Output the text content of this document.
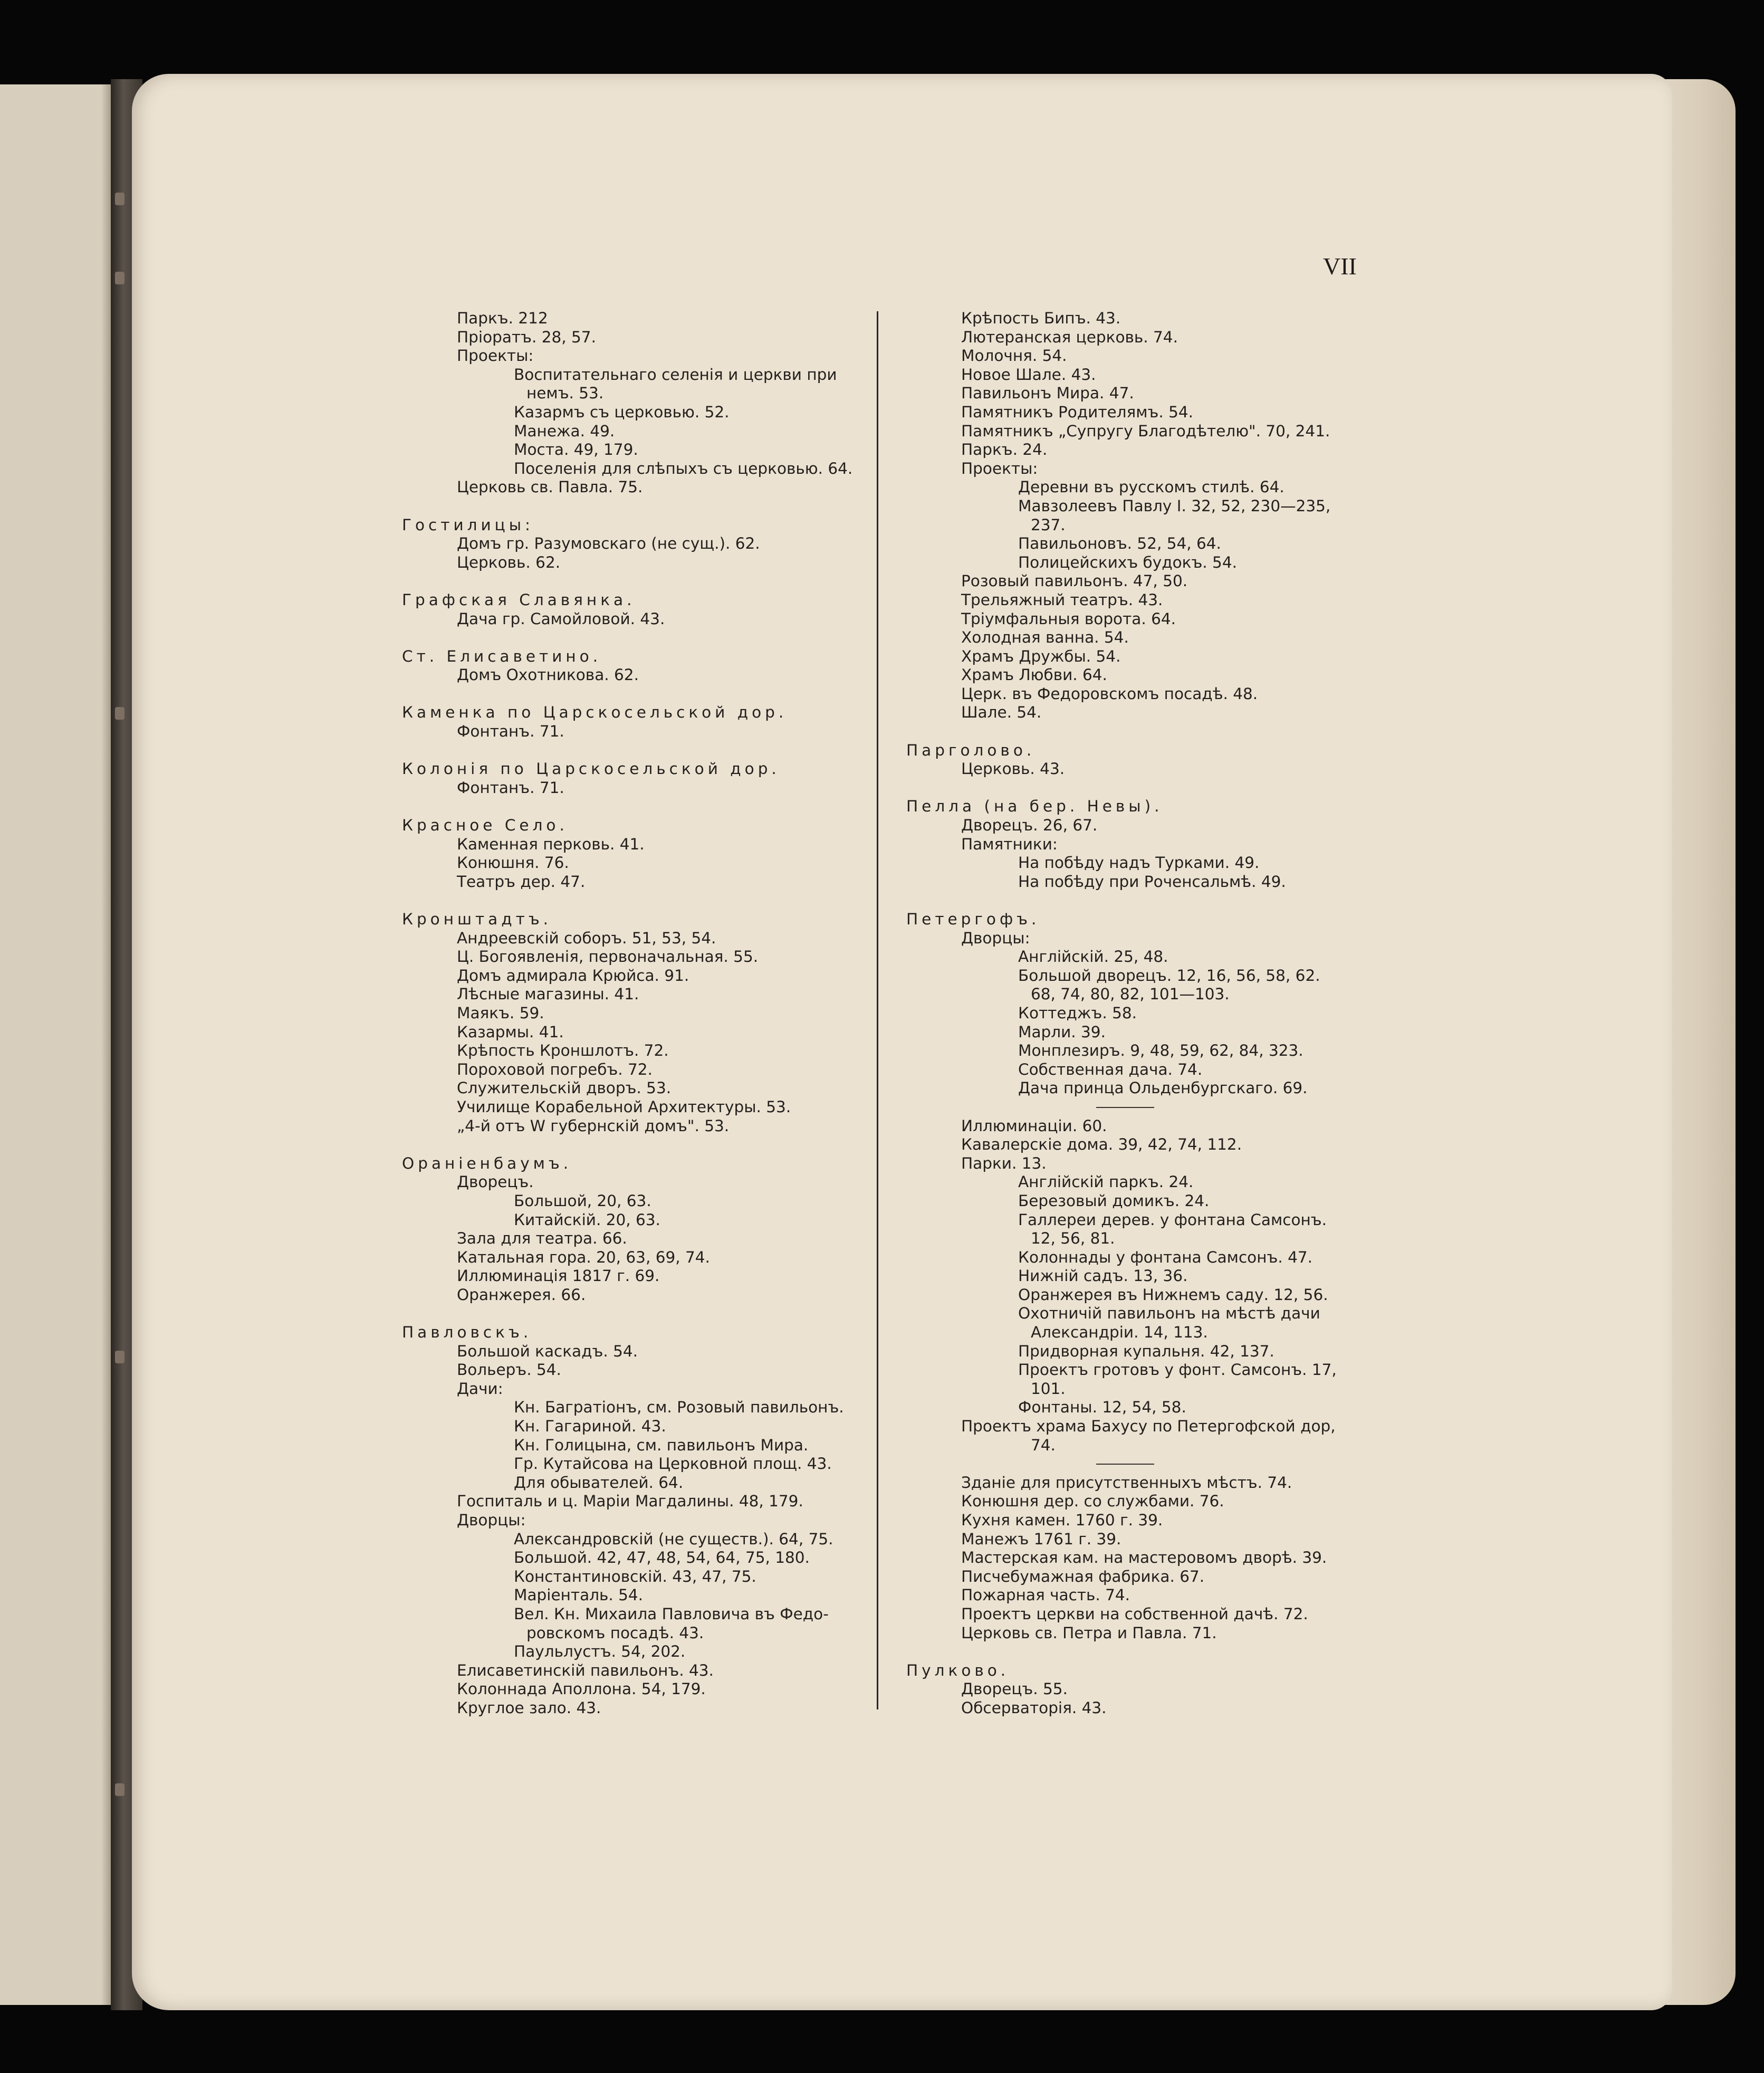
VII
Паркъ. 212
Пріоратъ. 28, 57.
Проекты:
Воспитательнаго селенія и церкви при
немъ. 53.
Казармъ съ церковью. 52.
Манежа. 49.
Моста. 49, 179.
Поселенія для слѣпыхъ съ церковью. 64.
Церковь св. Павла. 75.
Гостилицы:
Домъ гр. Разумовскаго (не сущ.). 62.
Церковь. 62.
Графская Славянка.
Дача гр. Самойловой. 43.
Ст. Елисаветино.
Домъ Охотникова. 62.
Каменка по Царскосельской дор.
Фонтанъ. 71.
Колонія по Царскосельской дор.
Фонтанъ. 71.
Красное Село.
Каменная перковь. 41.
Конюшня. 76.
Театръ дер. 47.
Кронштадтъ.
Андреевскій соборъ. 51, 53, 54.
Ц. Богоявленія, первоначальная. 55.
Домъ адмирала Крюйса. 91.
Лѣсные магазины. 41.
Маякъ. 59.
Казармы. 41.
Крѣпость Кроншлотъ. 72.
Пороховой погребъ. 72.
Служительскій дворъ. 53.
Училище Корабельной Архитектуры. 53.
„4-й отъ W губернскій домъ". 53.
Ораніенбаумъ.
Дворецъ.
Большой, 20, 63.
Китайскій. 20, 63.
Зала для театра. 66.
Катальная гора. 20, 63, 69, 74.
Иллюминація 1817 г. 69.
Оранжерея. 66.
Павловскъ.
Большой каскадъ. 54.
Вольеръ. 54.
Дачи:
Кн. Багратіонъ, см. Розовый павильонъ.
Кн. Гагариной. 43.
Кн. Голицына, см. павильонъ Мира.
Гр. Кутайсова на Церковной площ. 43.
Для обывателей. 64.
Госпиталь и ц. Маріи Магдалины. 48, 179.
Дворцы:
Александровскій (не существ.). 64, 75.
Большой. 42, 47, 48, 54, 64, 75, 180.
Константиновскій. 43, 47, 75.
Маріенталь. 54.
Вел. Кн. Михаила Павловича въ Федо-
ровскомъ посадѣ. 43.
Паульлустъ. 54, 202.
Елисаветинскій павильонъ. 43.
Колоннада Аполлона. 54, 179.
Круглое зало. 43.
Крѣпость Бипъ. 43.
Лютеранская церковь. 74.
Молочня. 54.
Новое Шале. 43.
Павильонъ Мира. 47.
Памятникъ Родителямъ. 54.
Памятникъ „Супругу Благодѣтелю". 70, 241.
Паркъ. 24.
Проекты:
Деревни въ русскомъ стилѣ. 64.
Мавзолеевъ Павлу I. 32, 52, 230—235,
237.
Павильоновъ. 52, 54, 64.
Полицейскихъ будокъ. 54.
Розовый павильонъ. 47, 50.
Трельяжный театръ. 43.
Тріумфальныя ворота. 64.
Холодная ванна. 54.
Храмъ Дружбы. 54.
Храмъ Любви. 64.
Церк. въ Федоровскомъ посадѣ. 48.
Шале. 54.
Парголово.
Церковь. 43.
Пелла (на бер. Невы).
Дворецъ. 26, 67.
Памятники:
На побѣду надъ Турками. 49.
На побѣду при Роченсальмѣ. 49.
Петергофъ.
Дворцы:
Англійскій. 25, 48.
Большой дворецъ. 12, 16, 56, 58, 62.
68, 74, 80, 82, 101—103.
Коттеджъ. 58.
Марли. 39.
Монплезиръ. 9, 48, 59, 62, 84, 323.
Собственная дача. 74.
Дача принца Ольденбургскаго. 69.
Иллюминаціи. 60.
Кавалерскіе дома. 39, 42, 74, 112.
Парки. 13.
Англійскій паркъ. 24.
Березовый домикъ. 24.
Галлереи дерев. у фонтана Самсонъ.
12, 56, 81.
Колоннады у фонтана Самсонъ. 47.
Нижній садъ. 13, 36.
Оранжерея въ Нижнемъ саду. 12, 56.
Охотничій павильонъ на мѣстѣ дачи
Александріи. 14, 113.
Придворная купальня. 42, 137.
Проектъ гротовъ у фонт. Самсонъ. 17,
101.
Фонтаны. 12, 54, 58.
Проектъ храма Бахусу по Петергофской дор,
74.
Зданіе для присутственныхъ мѣстъ. 74.
Конюшня дер. со службами. 76.
Кухня камен. 1760 г. 39.
Манежъ 1761 г. 39.
Мастерская кам. на мастеровомъ дворѣ. 39.
Писчебумажная фабрика. 67.
Пожарная часть. 74.
Проектъ церкви на собственной дачѣ. 72.
Церковь св. Петра и Павла. 71.
Пулково.
Дворецъ. 55.
Обсерваторія. 43.
